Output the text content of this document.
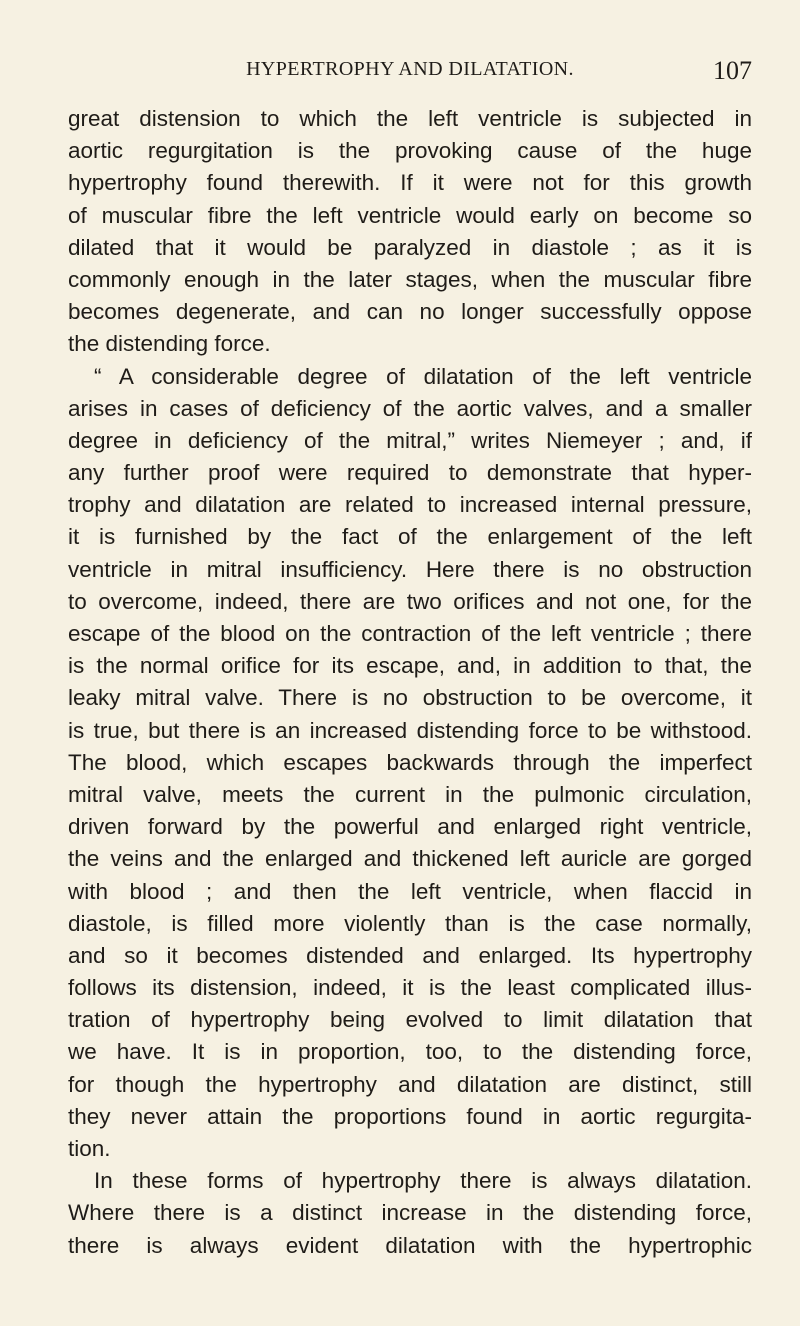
HYPERTROPHY AND DILATATION.	107
great distension to which the left ventricle is subjected in
aortic regurgitation is the provoking cause of the huge
hypertrophy found therewith. If it were not for this growth
of muscular fibre the left ventricle would early on become so
dilated that it would be paralyzed in diastole ; as it is
commonly enough in the later stages, when the muscular fibre
becomes degenerate, and can no longer successfully oppose
the distending force.
“ A considerable degree of dilatation of the left ventricle
arises in cases of deficiency of the aortic valves, and a smaller
degree in deficiency of the mitral,” writes Niemeyer ; and, if
any further proof were required to demonstrate that hyper-
trophy and dilatation are related to increased internal pressure,
it is furnished by the fact of the enlargement of the left
ventricle in mitral insufficiency. Here there is no obstruction
to overcome, indeed, there are two orifices and not one, for the
escape of the blood on the contraction of the left ventricle ; there
is the normal orifice for its escape, and, in addition to that, the
leaky mitral valve. There is no obstruction to be overcome, it
is true, but there is an increased distending force to be withstood.
The blood, which escapes backwards through the imperfect
mitral valve, meets the current in the pulmonic circulation,
driven forward by the powerful and enlarged right ventricle,
the veins and the enlarged and thickened left auricle are gorged
with blood ; and then the left ventricle, when flaccid in
diastole, is filled more violently than is the case normally,
and so it becomes distended and enlarged. Its hypertrophy
follows its distension, indeed, it is the least complicated illus-
tration of hypertrophy being evolved to limit dilatation that
we have. It is in proportion, too, to the distending force,
for though the hypertrophy and dilatation are distinct, still
they never attain the proportions found in aortic regurgita-
tion.
In these forms of hypertrophy there is always dilatation.
Where there is a distinct increase in the distending force,
there is always evident dilatation with the hypertrophic
